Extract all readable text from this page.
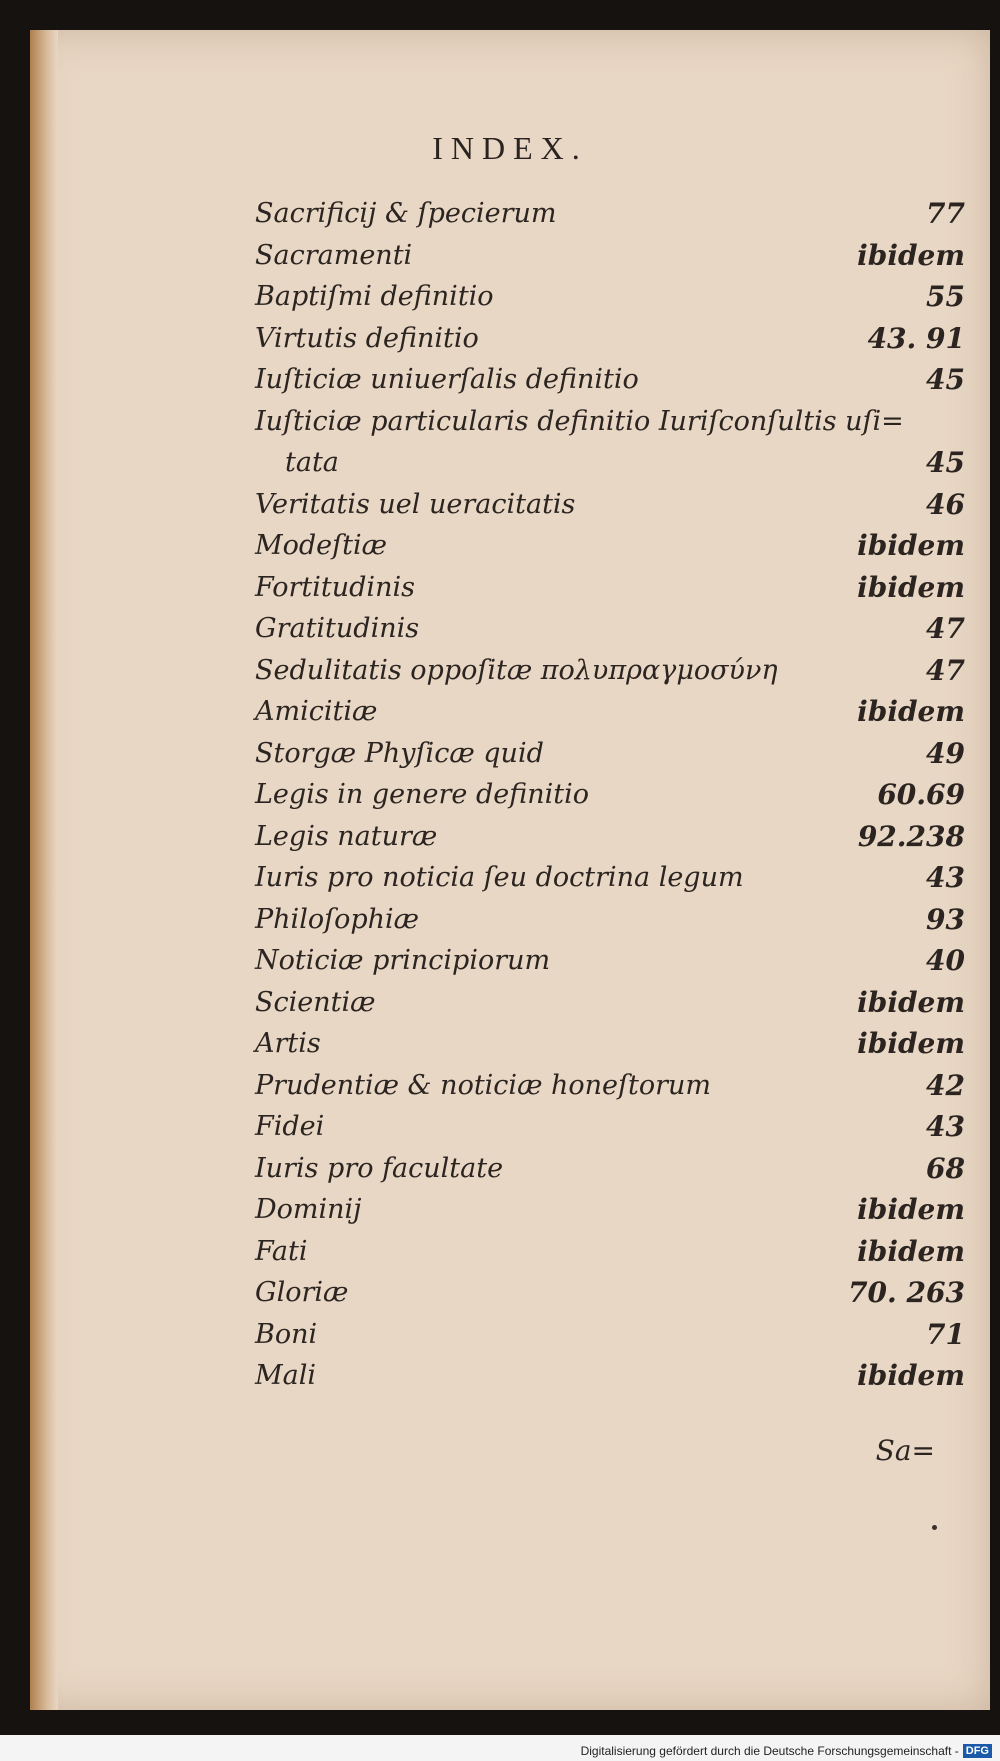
INDEX.
Sacrificij & ſpecierum	77
Sacramenti	ibidem
Baptiſmi definitio	55
Virtutis definitio	43. 91
Iuſticiæ uniuerſalis definitio	45
Iuſticiæ particularis definitio Iuriſconſultis uſi=
tata	45
Veritatis uel ueracitatis	46
Modeſtiæ	ibidem
Fortitudinis	ibidem
Gratitudinis	47
Sedulitatis oppoſitæ πολυπραγμοσύνη	47
Amicitiæ	ibidem
Storgæ Phyſicæ quid	49
Legis in genere definitio	60.69
Legis naturæ	92.238
Iuris pro noticia ſeu doctrina legum	43
Philoſophiæ	93
Noticiæ principiorum	40
Scientiæ	ibidem
Artis	ibidem
Prudentiæ & noticiæ honeſtorum	42
Fidei	43
Iuris pro facultate	68
Dominij	ibidem
Fati	ibidem
Gloriæ	70. 263
Boni	71
Mali	ibidem
Sa=
Digitalisierung gefördert durch die Deutsche Forschungsgemeinschaft - DFG
